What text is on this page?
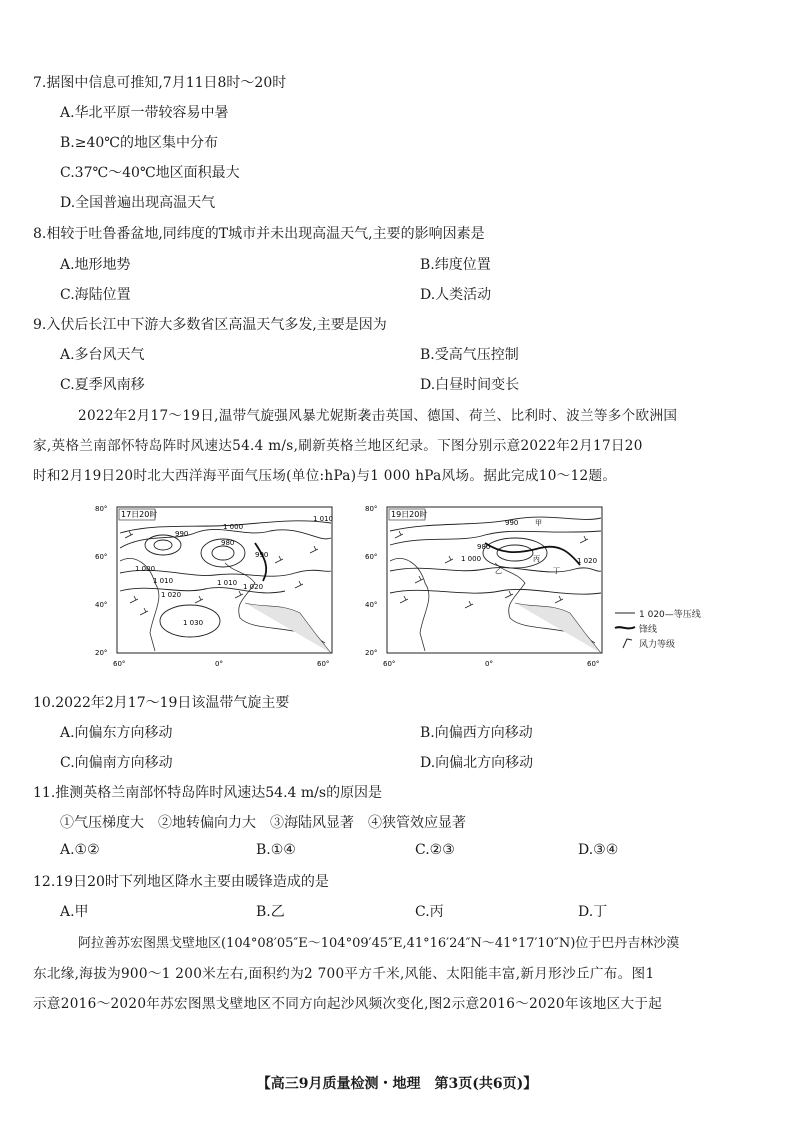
7.据图中信息可推知,7月11日8时～20时
A.华北平原一带较容易中暑
B.≥40℃的地区集中分布
C.37℃～40℃地区面积最大
D.全国普遍出现高温天气
8.相较于吐鲁番盆地,同纬度的T城市并未出现高温天气,主要的影响因素是
A.地形地势	B.纬度位置
C.海陆位置	D.人类活动
9.入伏后长江中下游大多数省区高温天气多发,主要是因为
A.多台风天气	B.受高气压控制
C.夏季风南移	D.白昼时间变长
2022年2月17～19日,温带气旋强风暴尤妮斯袭击英国、德国、荷兰、比利时、波兰等多个欧洲国
家,英格兰南部怀特岛阵时风速达54.4 m/s,刷新英格兰地区纪录。下图分别示意2022年2月17日20
时和2月19日20时北大西洋海平面气压场(单位:hPa)与1 000 hPa风场。据此完成10～12题。
80°
60°
40°
20°
60°	0°	60°
17日20时
1 000
1 010
990
980
990
1 000
1 010	1 010 1 020
1 020
1 030
80°
60°
40°
20°
60°	0°	60°
19日20时
990 甲
980
丙
1 000
丁
乙
1 020
1 020—等压线
锋线
风力等级
10.2022年2月17～19日该温带气旋主要
A.向偏东方向移动	B.向偏西方向移动
C.向偏南方向移动	D.向偏北方向移动
11.推测英格兰南部怀特岛阵时风速达54.4 m/s的原因是
①气压梯度大　②地转偏向力大　③海陆风显著　④狭管效应显著
A.①②	B.①④	C.②③	D.③④
12.19日20时下列地区降水主要由暖锋造成的是
A.甲	B.乙	C.丙	D.丁
阿拉善苏宏图黑戈壁地区(104°08′05″E～104°09′45″E,41°16′24″N～41°17′10″N)位于巴丹吉林沙漠
东北缘,海拔为900～1 200米左右,面积约为2 700平方千米,风能、太阳能丰富,新月形沙丘广布。图1
示意2016～2020年苏宏图黑戈壁地区不同方向起沙风频次变化,图2示意2016～2020年该地区大于起
【高三9月质量检测・地理　第3页(共6页)】
